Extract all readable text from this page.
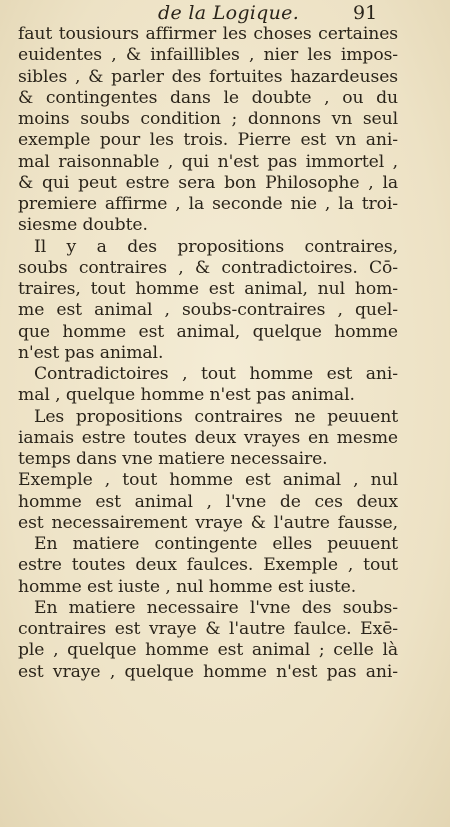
de la Logique.	91
faut tousiours affirmer les choses certaines
euidentes , & infaillibles , nier les impos-
sibles , & parler des fortuites hazardeuses
& contingentes dans le doubte , ou du
moins soubs condition ; donnons vn seul
exemple pour les trois. Pierre est vn ani-
mal raisonnable , qui n'est pas immortel ,
& qui peut estre sera bon Philosophe , la
premiere affirme , la seconde nie , la troi-
siesme doubte.
Il y a des propositions contraires,
soubs contraires , & contradictoires. Cō-
traires, tout homme est animal, nul hom-
me est animal , soubs-contraires , quel-
que homme est animal, quelque homme
n'est pas animal.
Contradictoires , tout homme est ani-
mal , quelque homme n'est pas animal.
Les propositions contraires ne peuuent
iamais estre toutes deux vrayes en mesme
temps dans vne matiere necessaire.
Exemple , tout homme est animal , nul
homme est animal , l'vne de ces deux
est necessairement vraye & l'autre fausse,
En matiere contingente elles peuuent
estre toutes deux faulces. Exemple , tout
homme est iuste , nul homme est iuste.
En matiere necessaire l'vne des soubs-
contraires est vraye & l'autre faulce. Exē-
ple , quelque homme est animal ; celle là
est vraye , quelque homme n'est pas ani-
